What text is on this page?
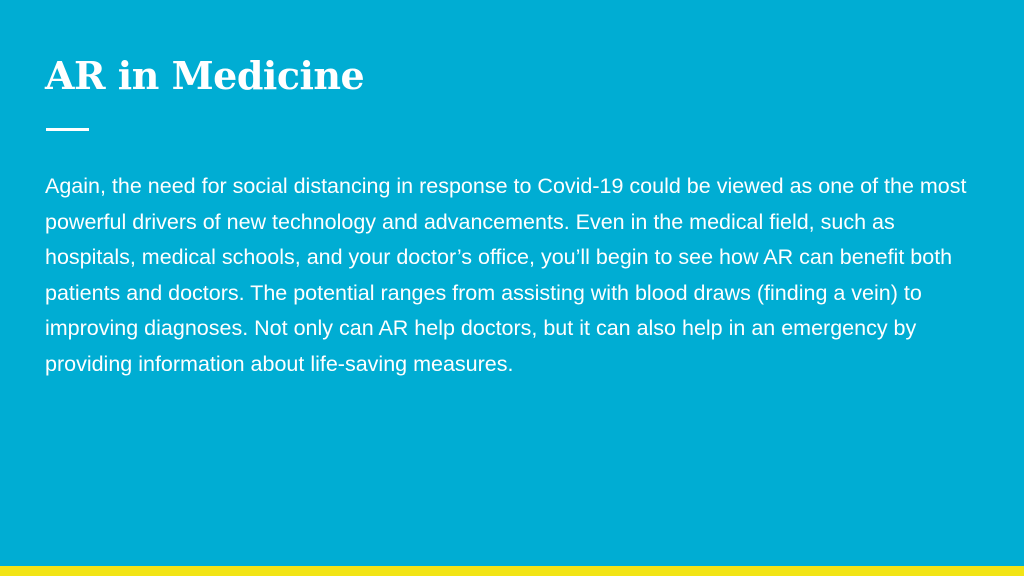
AR in Medicine

Again, the need for social distancing in response to Covid-19 could be viewed as one of the most powerful drivers of new technology and advancements. Even in the medical field, such as hospitals, medical schools, and your doctor’s office, you’ll begin to see how AR can benefit both patients and doctors. The potential ranges from assisting with blood draws (finding a vein) to improving diagnoses. Not only can AR help doctors, but it can also help in an emergency by providing information about life-saving measures.
